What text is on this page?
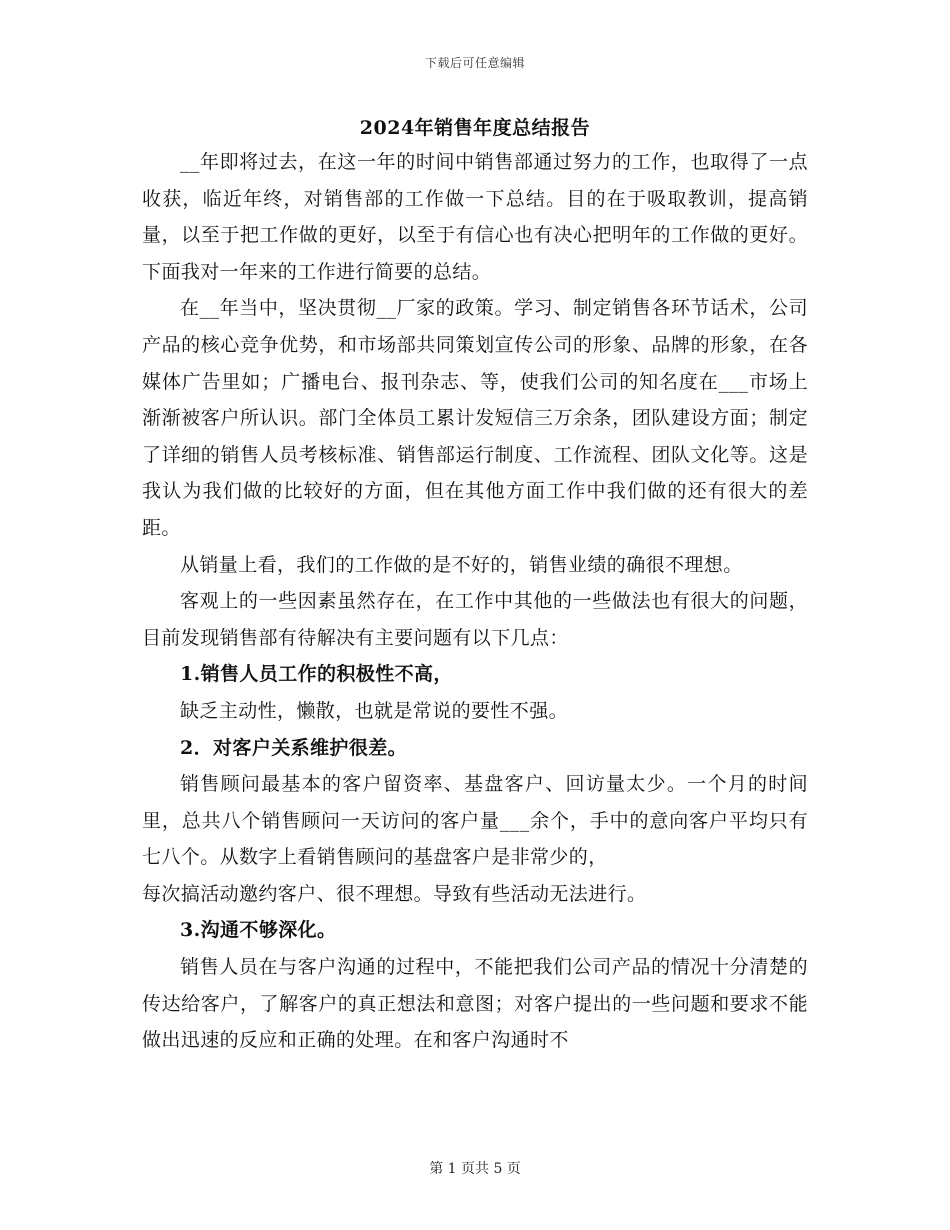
下载后可任意编辑
2024年销售年度总结报告

__年即将过去，在这一年的时间中销售部通过努力的工作，也取得了一点收获，临近年终，对销售部的工作做一下总结。目的在于吸取教训，提高销量，以至于把工作做的更好，以至于有信心也有决心把明年的工作做的更好。下面我对一年来的工作进行简要的总结。

在__年当中，坚决贯彻__厂家的政策。学习、制定销售各环节话术，公司产品的核心竞争优势，和市场部共同策划宣传公司的形象、品牌的形象，在各媒体广告里如；广播电台、报刊杂志、等，使我们公司的知名度在___市场上渐渐被客户所认识。部门全体员工累计发短信三万余条，团队建设方面；制定了详细的销售人员考核标准、销售部运行制度、工作流程、团队文化等。这是我认为我们做的比较好的方面，但在其他方面工作中我们做的还有很大的差距。

从销量上看，我们的工作做的是不好的，销售业绩的确很不理想。

客观上的一些因素虽然存在，在工作中其他的一些做法也有很大的问题，目前发现销售部有待解决有主要问题有以下几点：

1.销售人员工作的积极性不高，

缺乏主动性，懒散，也就是常说的要性不强。

2．对客户关系维护很差。

销售顾问最基本的客户留资率、基盘客户、回访量太少。一个月的时间里，总共八个销售顾问一天访问的客户量___余个，手中的意向客户平均只有七八个。从数字上看销售顾问的基盘客户是非常少的，

每次搞活动邀约客户、很不理想。导致有些活动无法进行。

3.沟通不够深化。

销售人员在与客户沟通的过程中，不能把我们公司产品的情况十分清楚的传达给客户，了解客户的真正想法和意图；对客户提出的一些问题和要求不能做出迅速的反应和正确的处理。在和客户沟通时不

第 1 页共 5 页
